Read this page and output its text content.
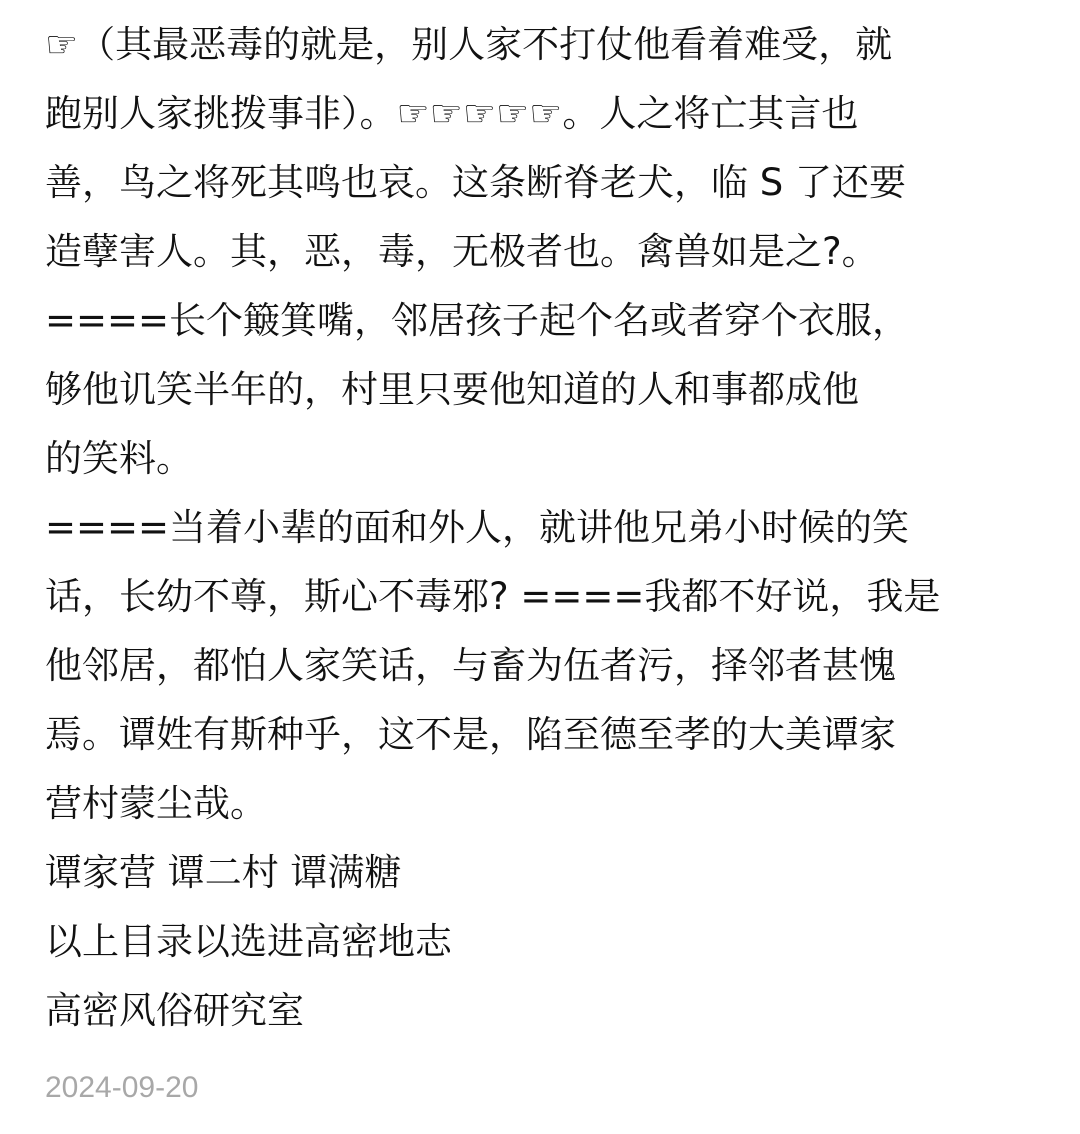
☞（其最恶毒的就是，别人家不打仗他看着难受，就
跑别人家挑拨事非）。☞☞☞☞☞。人之将亡其言也
善，鸟之将死其鸣也哀。这条断脊老犬，临 S 了还要
造孽害人。其，恶，毒，无极者也。禽兽如是之?。
====长个簸箕嘴，邻居孩子起个名或者穿个衣服，
够他讥笑半年的，村里只要他知道的人和事都成他
的笑料。
====当着小辈的面和外人，就讲他兄弟小时候的笑
话，长幼不尊，斯心不毒邪? ====我都不好说，我是
他邻居，都怕人家笑话，与畜为伍者污，择邻者甚愧
焉。谭姓有斯种乎，这不是，陷至德至孝的大美谭家
营村蒙尘哉。
谭家营 谭二村 谭满糖
以上目录以选进高密地志
高密风俗研究室
2024-09-20
